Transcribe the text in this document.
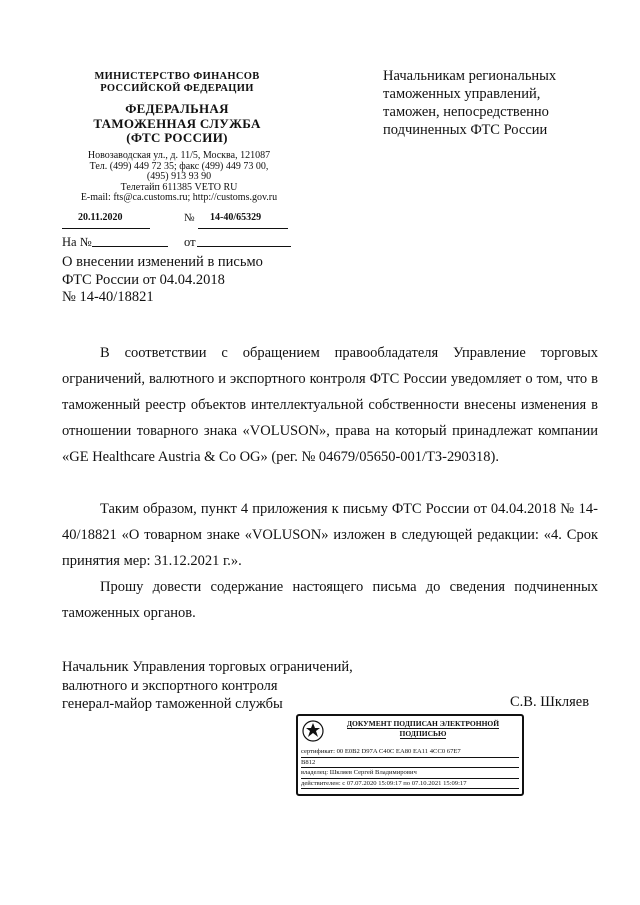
МИНИСТЕРСТВО ФИНАНСОВ
РОССИЙСКОЙ ФЕДЕРАЦИИ
ФЕДЕРАЛЬНАЯ
ТАМОЖЕННАЯ СЛУЖБА
(ФТС РОССИИ)
Новозаводская ул., д. 11/5, Москва, 121087
Тел. (499) 449 72 35; факс (499) 449 73 00,
(495) 913 93 90
Телетайп 611385 VETO RU
E-mail: fts@ca.customs.ru; http://customs.gov.ru
20.11.2020	№ 14-40/65329
На №	от
О внесении изменений в письмо
ФТС России от 04.04.2018
№ 14-40/18821
Начальникам региональных
таможенных управлений,
таможен, непосредственно
подчиненных ФТС России

В соответствии с обращением правообладателя Управление торговых ограничений, валютного и экспортного контроля ФТС России уведомляет о том, что в таможенный реестр объектов интеллектуальной собственности внесены изменения в отношении товарного знака «VOLUSON», права на который принадлежат компании «GE Healthcare Austria & Co OG» (рег. № 04679/05650-001/ТЗ-290318).

Таким образом, пункт 4 приложения к письму ФТС России от 04.04.2018 № 14-40/18821 «О товарном знаке «VOLUSON» изложен в следующей редакции: «4. Срок принятия мер: 31.12.2021 г.».

Прошу довести содержание настоящего письма до сведения подчиненных таможенных органов.

Начальник Управления торговых ограничений,
валютного и экспортного контроля
генерал-майор таможенной службы	С.В. Шкляев
ДОКУМЕНТ ПОДПИСАН ЭЛЕКТРОННОЙ
ПОДПИСЬЮ
сертификат: 00 E0B2 D97A C40C EA80 EA11 4CC0 67E7
B812
владелец: Шкляев Сергей Владимирович
действителен: с 07.07.2020 15:09:17 по 07.10.2021 15:09:17
